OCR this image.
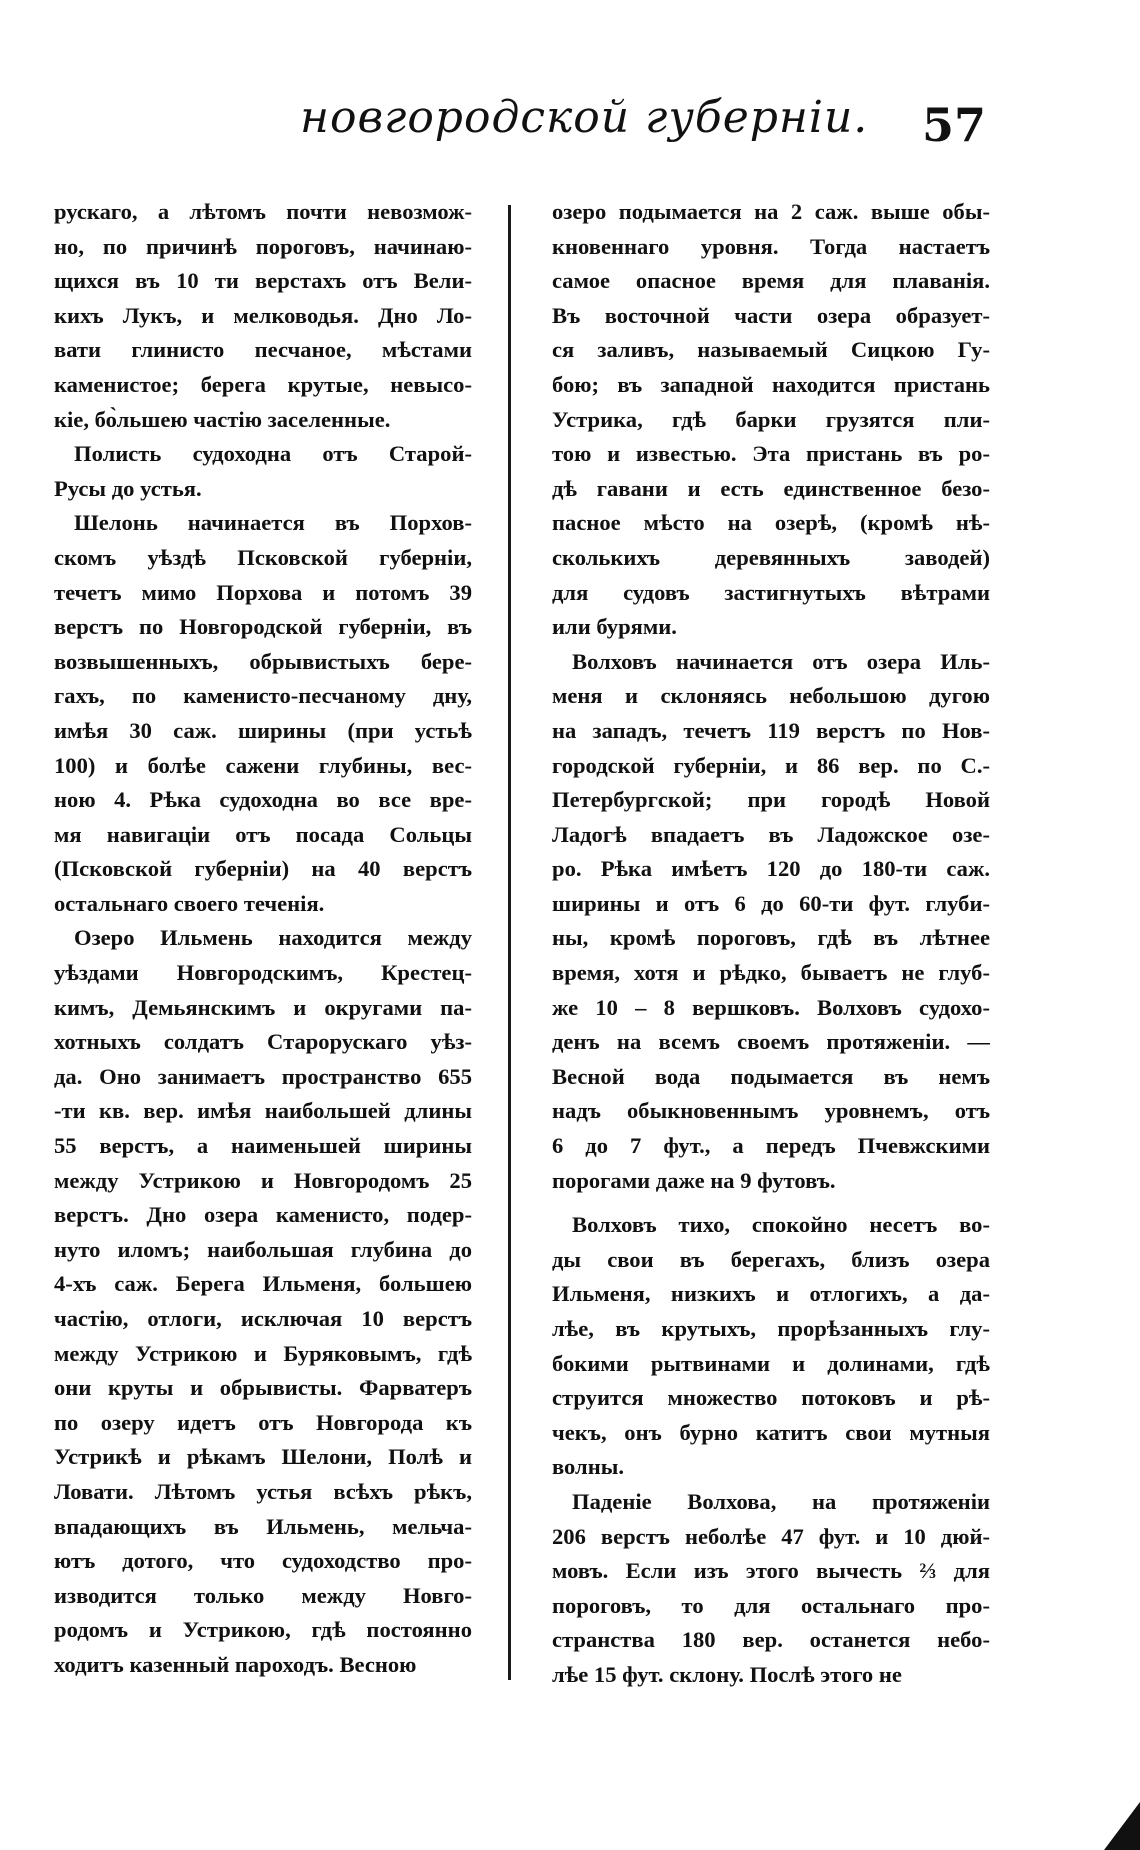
новгородской губерніи. 57
рускаго, а лѣтомъ почти невозмож-
но, по причинѣ пороговъ, начинаю-
щихся въ 10 ти верстахъ отъ Вели-
кихъ Лукъ, и мелководья. Дно Ло-
вати глинисто песчаное, мѣстами
каменистое; берега крутые, невысо-
кіе, бо̀льшею частію заселенные.
Полисть судоходна отъ Старой-
Русы до устья.
Шелонь начинается въ Порхов-
скомъ уѣздѣ Псковской губерніи,
течетъ мимо Порхова и потомъ 39
верстъ по Новгородской губерніи, въ
возвышенныхъ, обрывистыхъ бере-
гахъ, по каменисто-песчаному дну,
имѣя 30 саж. ширины (при устьѣ
100) и болѣе сажени глубины, вес-
ною 4. Рѣка судоходна во все вре-
мя навигаціи отъ посада Сольцы
(Псковской губерніи) на 40 верстъ
остальнаго своего теченія.
Озеро Ильмень находится между
уѣздами Новгородскимъ, Крестец-
кимъ, Демьянскимъ и округами па-
хотныхъ солдатъ Старорускаго уѣз-
да. Оно занимаетъ пространство 655
-ти кв. вер. имѣя наибольшей длины
55 верстъ, а наименьшей ширины
между Устрикою и Новгородомъ 25
верстъ. Дно озера каменисто, подер-
нуто иломъ; наибольшая глубина до
4-хъ саж. Берега Ильменя, большею
частію, отлоги, исключая 10 верстъ
между Устрикою и Буряковымъ, гдѣ
они круты и обрывисты. Фарватеръ
по озеру идетъ отъ Новгорода къ
Устрикѣ и рѣкамъ Шелони, Полѣ и
Ловати. Лѣтомъ устья всѣхъ рѣкъ,
впадающихъ въ Ильмень, мельча-
ютъ дотого, что судоходство про-
изводится только между Новго-
родомъ и Устрикою, гдѣ постоянно
ходитъ казенный пароходъ. Весною
озеро подымается на 2 саж. выше обы-
кновеннаго уровня. Тогда настаетъ
самое опасное время для плаванія.
Въ восточной части озера образует-
ся заливъ, называемый Сицкою Гу-
бою; въ западной находится пристань
Устрика, гдѣ барки грузятся пли-
тою и известью. Эта пристань въ ро-
дѣ гавани и есть единственное безо-
пасное мѣсто на озерѣ, (кромѣ нѣ-
сколькихъ деревянныхъ заводей)
для судовъ застигнутыхъ вѣтрами
или бурями.
Волховъ начинается отъ озера Иль-
меня и склоняясь небольшою дугою
на западъ, течетъ 119 верстъ по Нов-
городской губерніи, и 86 вер. по С.-
Петербургской; при городѣ Новой
Ладогѣ впадаетъ въ Ладожское озе-
ро. Рѣка имѣетъ 120 до 180-ти саж.
ширины и отъ 6 до 60-ти фут. глуби-
ны, кромѣ пороговъ, гдѣ въ лѣтнее
время, хотя и рѣдко, бываетъ не глуб-
же 10 – 8 вершковъ. Волховъ судохо-
денъ на всемъ своемъ протяженіи. —
Весной вода подымается въ немъ
надъ обыкновеннымъ уровнемъ, отъ
6 до 7 фут., а передъ Пчевжскими
порогами даже на 9 футовъ.
Волховъ тихо, спокойно несетъ во-
ды свои въ берегахъ, близъ озера
Ильменя, низкихъ и отлогихъ, а да-
лѣе, въ крутыхъ, прорѣзанныхъ глу-
бокими рытвинами и долинами, гдѣ
струится множество потоковъ и рѣ-
чекъ, онъ бурно катитъ свои мутныя
волны.
Паденіе Волхова, на протяженіи
206 верстъ неболѣе 47 фут. и 10 дюй-
мовъ. Если изъ этого вычесть ⅔ для
пороговъ, то для остальнаго про-
странства 180 вер. останется небо-
лѣе 15 фут. склону. Послѣ этого не
